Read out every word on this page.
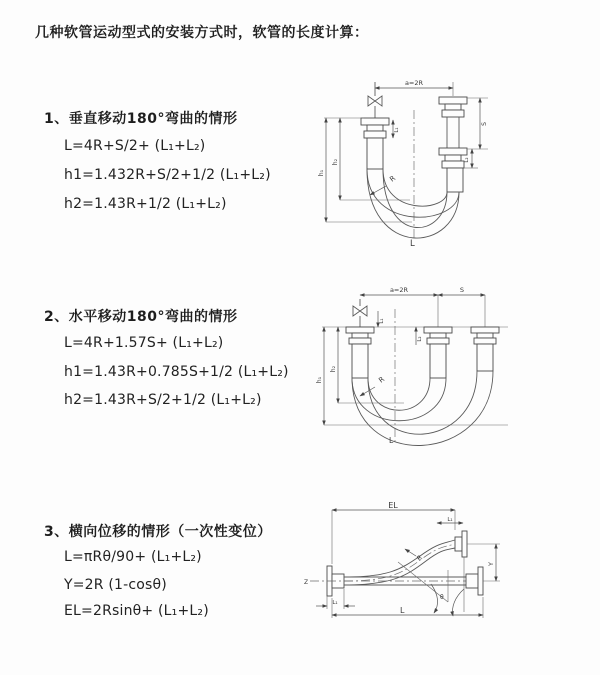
几种软管运动型式的安装方式时，软管的长度计算：
1、垂直移动180°弯曲的情形
L=4R+S/2+ (L₁+L₂)
h1=1.432R+S/2+1/2 (L₁+L₂)
h2=1.43R+1/2 (L₁+L₂)
2、水平移动180°弯曲的情形
L=4R+1.57S+ (L₁+L₂)
h1=1.43R+0.785S+1/2 (L₁+L₂)
h2=1.43R+S/2+1/2 (L₁+L₂)
3、横向位移的情形（一次性变位）
L=πRθ/90+ (L₁+L₂)
Y=2R (1-cosθ)
EL=2Rsinθ+ (L₁+L₂)
a=2R
h₂
h₁
L₁
S
L₂
R
L
a=2R	S
h₂
h₁
L₁
L₂
R
L
EL
L₁
Z
θ
R
Y
L
L₁
